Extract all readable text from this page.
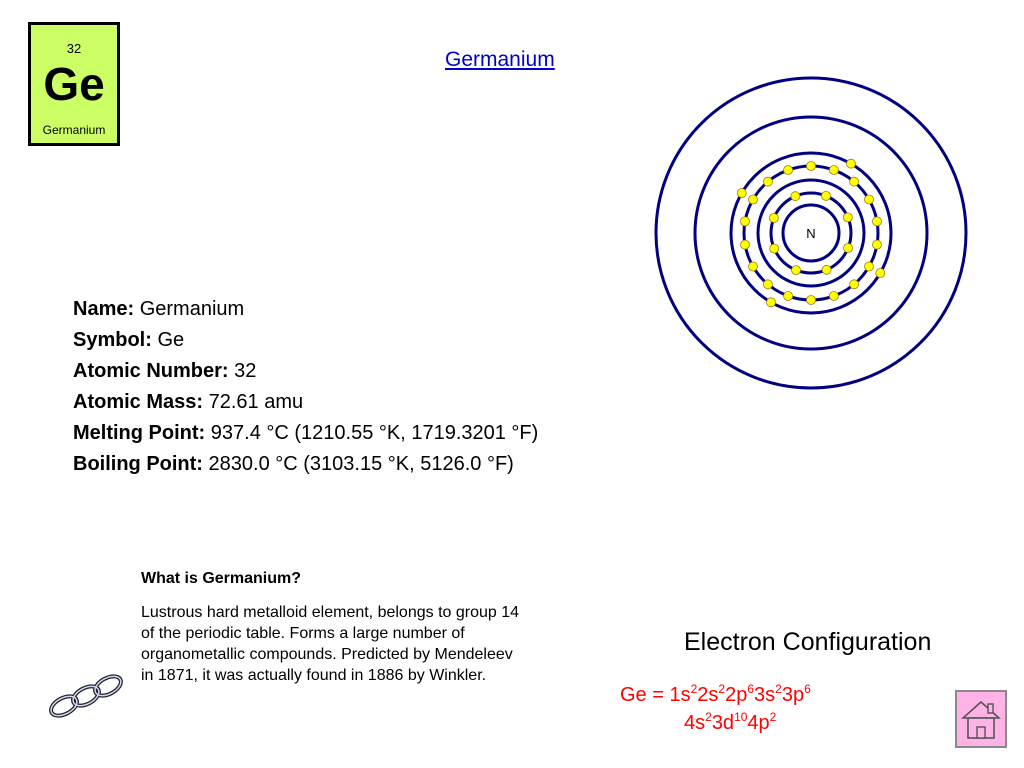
32
Ge
Germanium
Germanium
N
Name: Germanium
Symbol: Ge
Atomic Number: 32
Atomic Mass: 72.61 amu
Melting Point: 937.4 °C (1210.55 °K, 1719.3201 °F)
Boiling Point: 2830.0 °C (3103.15 °K, 5126.0 °F)
What is Germanium?
Lustrous hard metalloid element, belongs to group 14
of the periodic table. Forms a large number of
organometallic compounds. Predicted by Mendeleev
in 1871, it was actually found in 1886 by Winkler.
Electron Configuration
$Ge = 1s^22s^22p^63s^23p^6$
$4s^23d^{10}4p^2$
